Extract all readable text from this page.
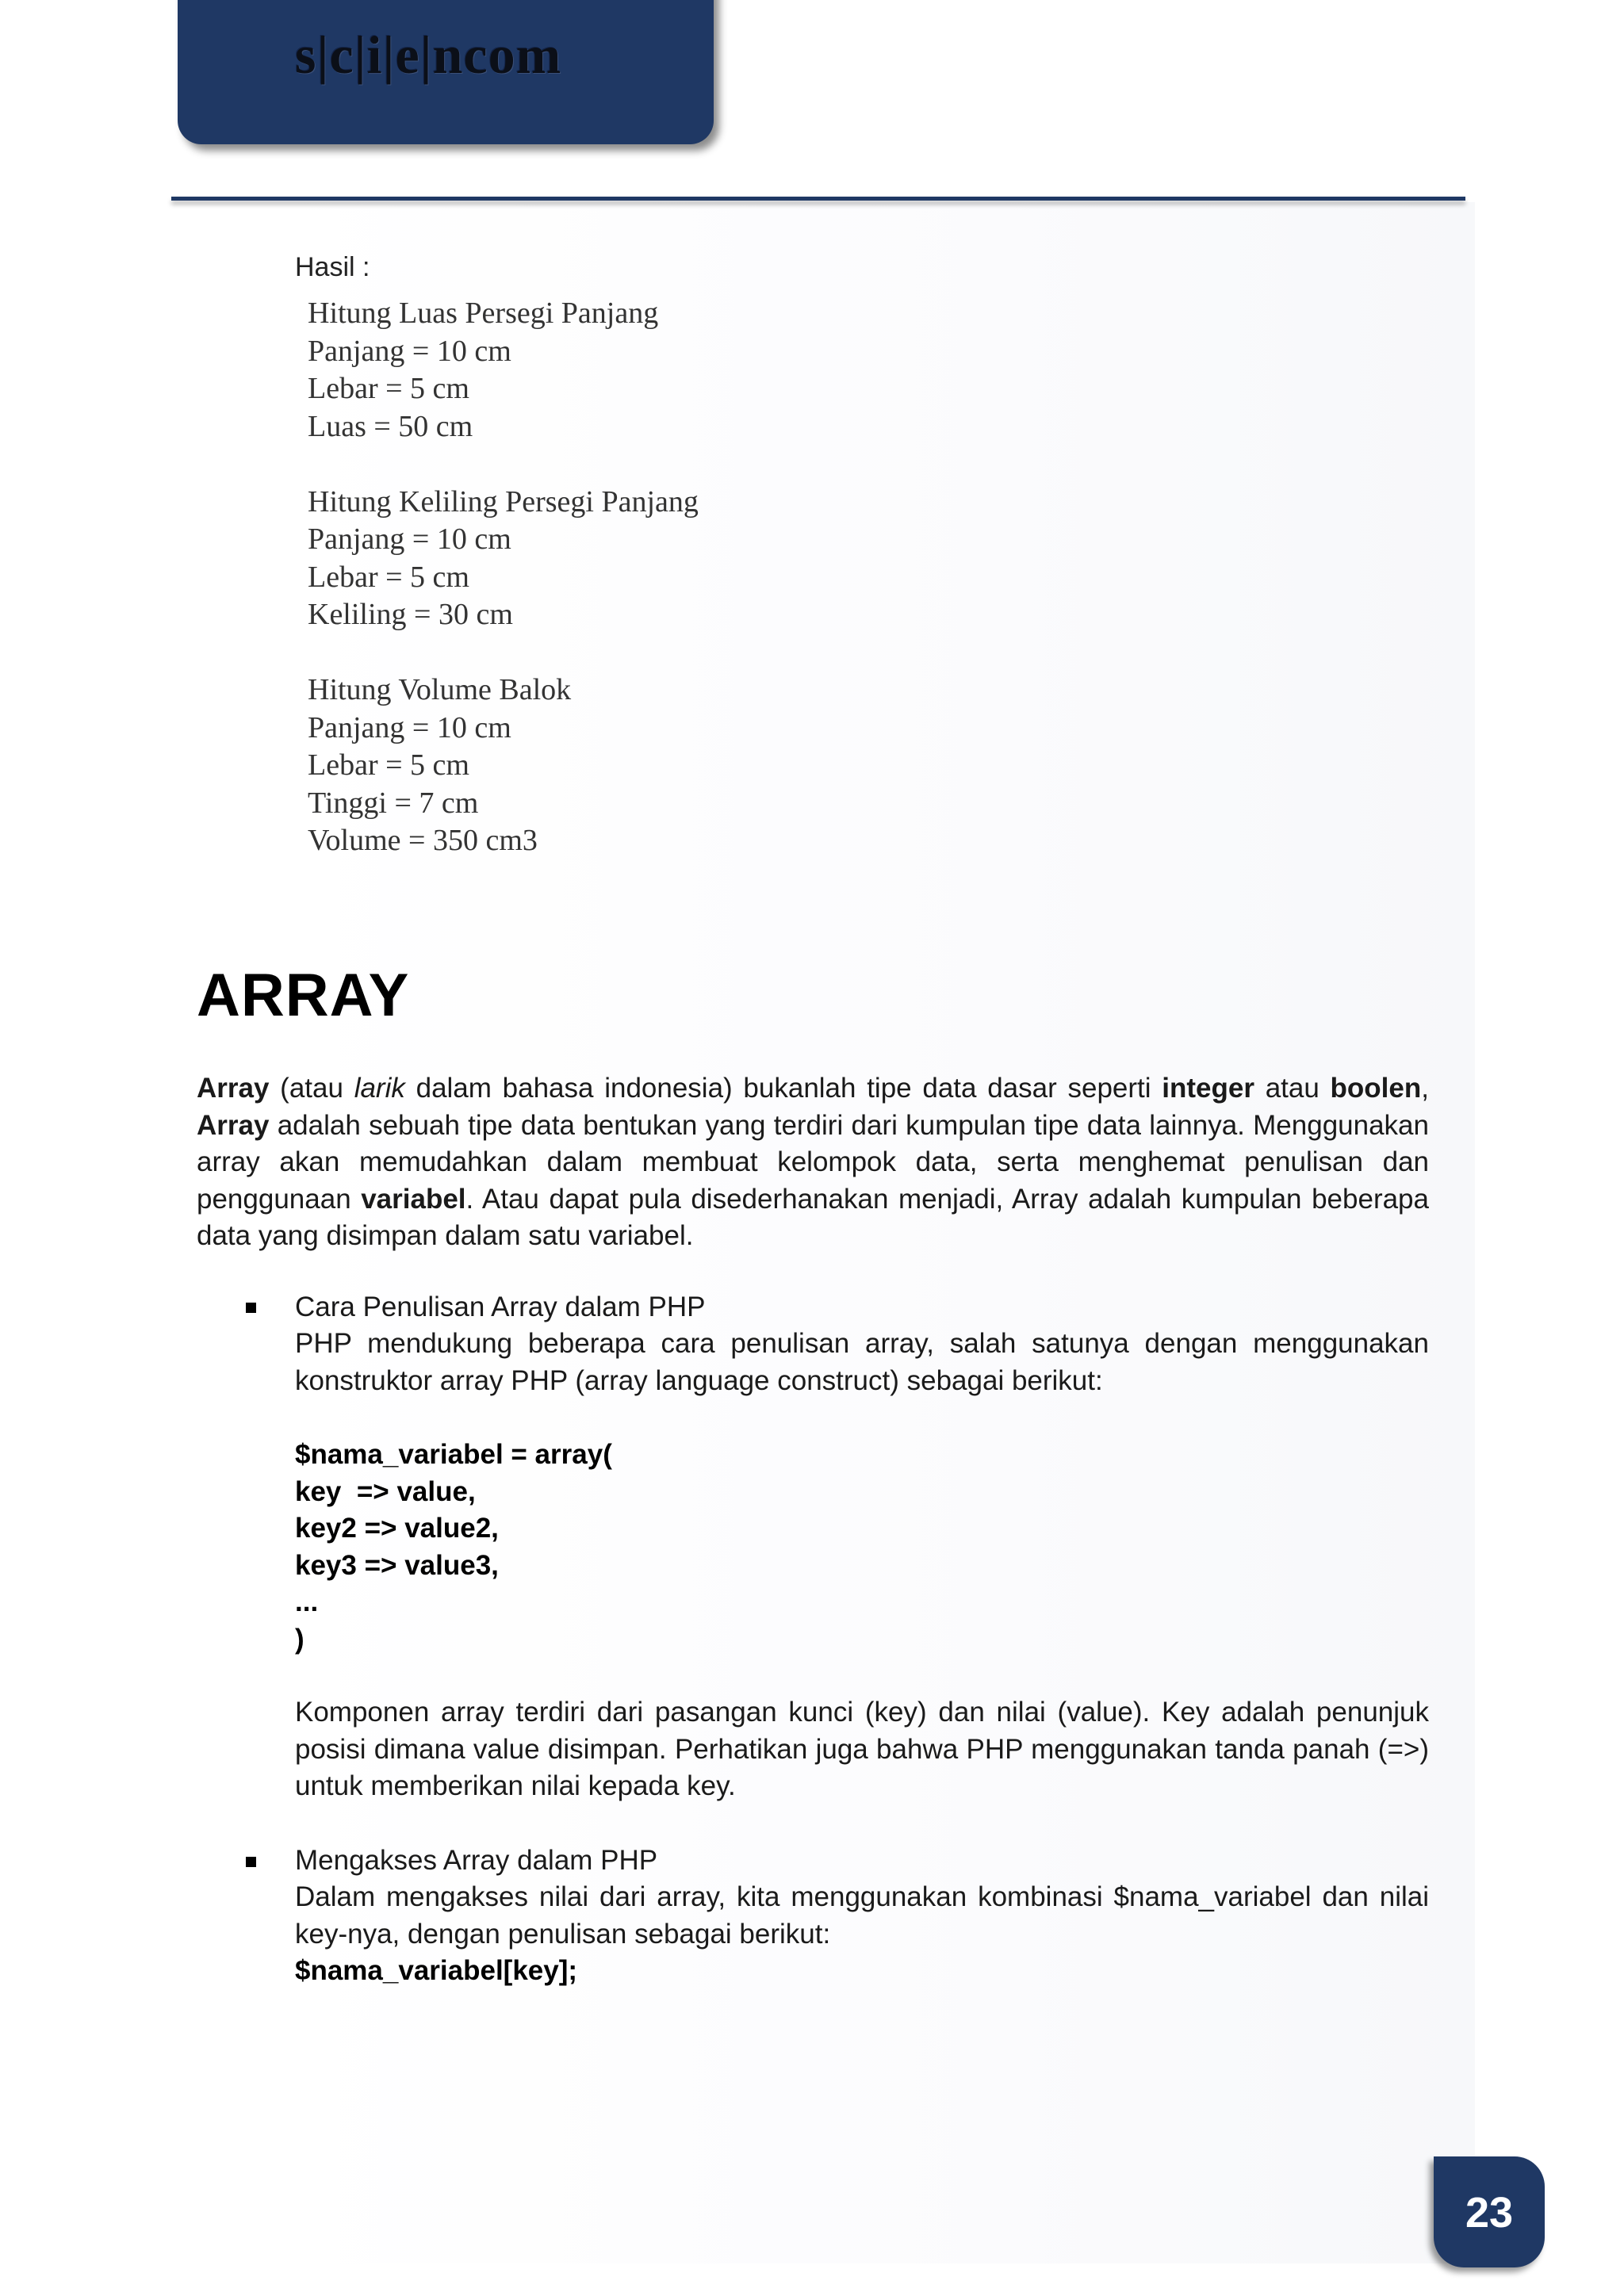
s|c|i|e|ncom
Hasil :
Hitung Luas Persegi Panjang
Panjang = 10 cm
Lebar = 5 cm
Luas = 50 cm
Hitung Keliling Persegi Panjang
Panjang = 10 cm
Lebar = 5 cm
Keliling = 30 cm
Hitung Volume Balok
Panjang = 10 cm
Lebar = 5 cm
Tinggi = 7 cm
Volume = 350 cm3
ARRAY
Array (atau larik dalam bahasa indonesia) bukanlah tipe data dasar seperti integer atau boolen, Array adalah sebuah tipe data bentukan yang terdiri dari kumpulan tipe data lainnya. Menggunakan array akan memudahkan dalam membuat kelompok data, serta menghemat penulisan dan penggunaan variabel. Atau dapat pula disederhanakan menjadi, Array adalah kumpulan beberapa data yang disimpan dalam satu variabel.
Cara Penulisan Array dalam PHP
PHP mendukung beberapa cara penulisan array, salah satunya dengan menggunakan konstruktor array PHP (array language construct) sebagai berikut:
$nama_variabel = array(
key  => value,
key2 => value2,
key3 => value3,
...
)
Komponen array terdiri dari pasangan kunci (key) dan nilai (value). Key adalah penunjuk posisi dimana value disimpan. Perhatikan juga bahwa PHP menggunakan tanda panah (=>) untuk memberikan nilai kepada key.
Mengakses Array dalam PHP
Dalam mengakses nilai dari array, kita menggunakan kombinasi $nama_variabel dan nilai key-nya, dengan penulisan sebagai berikut:
$nama_variabel[key];
23
